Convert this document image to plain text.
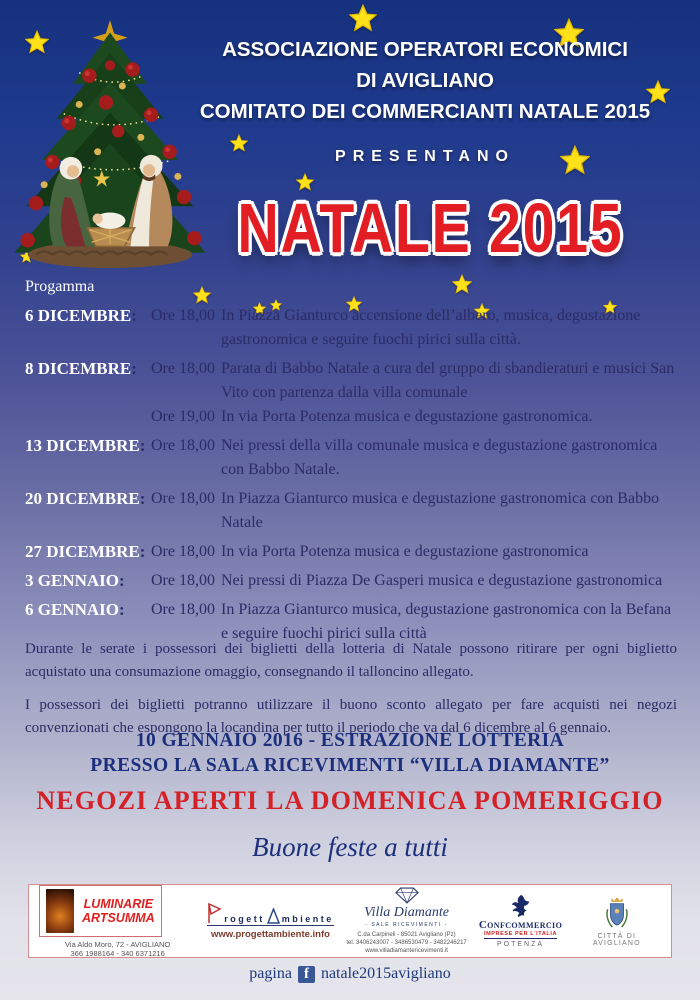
ASSOCIAZIONE OPERATORI ECONOMICI
DI AVIGLIANO
COMITATO DEI COMMERCIANTI NATALE 2015
PRESENTANO
NATALE 2015
Progamma
6 DICEMBRE :	Ore 18,00 In Piazza Gianturco accensione dell’albero, musica, degustazione gastronomica e seguire fuochi pirici sulla città.
8 DICEMBRE :	Ore 18,00 Parata di Babbo Natale a cura del gruppo di sbandieraturi e musici San Vito con partenza dalla villa comunale
Ore 19,00 In via Porta Potenza musica e degustazione gastronomica.
13 DICEMBRE : Ore 18,00 Nei pressi della villa comunale musica e degustazione gastronomica con Babbo Natale.
20 DICEMBRE : Ore 18,00 In Piazza Gianturco musica e degustazione gastronomica con Babbo Natale
27 DICEMBRE : Ore 18,00 In via Porta Potenza musica e degustazione gastronomica
3 GENNAIO :	Ore 18,00 Nei pressi di Piazza De Gasperi musica e degustazione gastronomica
6 GENNAIO :	Ore 18,00 In Piazza Gianturco musica, degustazione gastronomica con la Befana e seguire fuochi pirici sulla città

Durante le serate i possessori dei biglietti della lotteria di Natale possono ritirare per ogni biglietto acquistato una consumazione omaggio, consegnando il talloncino allegato.

I possessori dei biglietti potranno utilizzare il buono sconto allegato per fare acquisti nei negozi convenzionati che espongono la locandina per tutto il periodo che va dal 6 dicembre al 6 gennaio.

10 GENNAIO 2016 - ESTRAZIONE LOTTERIA
PRESSO LA SALA RICEVIMENTI “VILLA DIAMANTE”
NEGOZI APERTI LA DOMENICA POMERIGGIO
Buone feste a tutti
LUMINARIE
ARTSUMMA
Via Aldo Moro, 72 - AVIGLIANO
366 1988164 - 340 6371216
rogett mbiente
www.progettambiente.info
Villa Diamante
- SALE RICEVIMENTI -
C.da Carpineli - 85021 Avigliano (Pz)
tel. 3406243007 - 3486530479 - 3482246217
www.villadiamantericevimenti.it
Confcommercio
IMPRESE PER L'ITALIA
POTENZA
CITTÀ DI AVIGLIANO
pagina f natale2015avigliano
